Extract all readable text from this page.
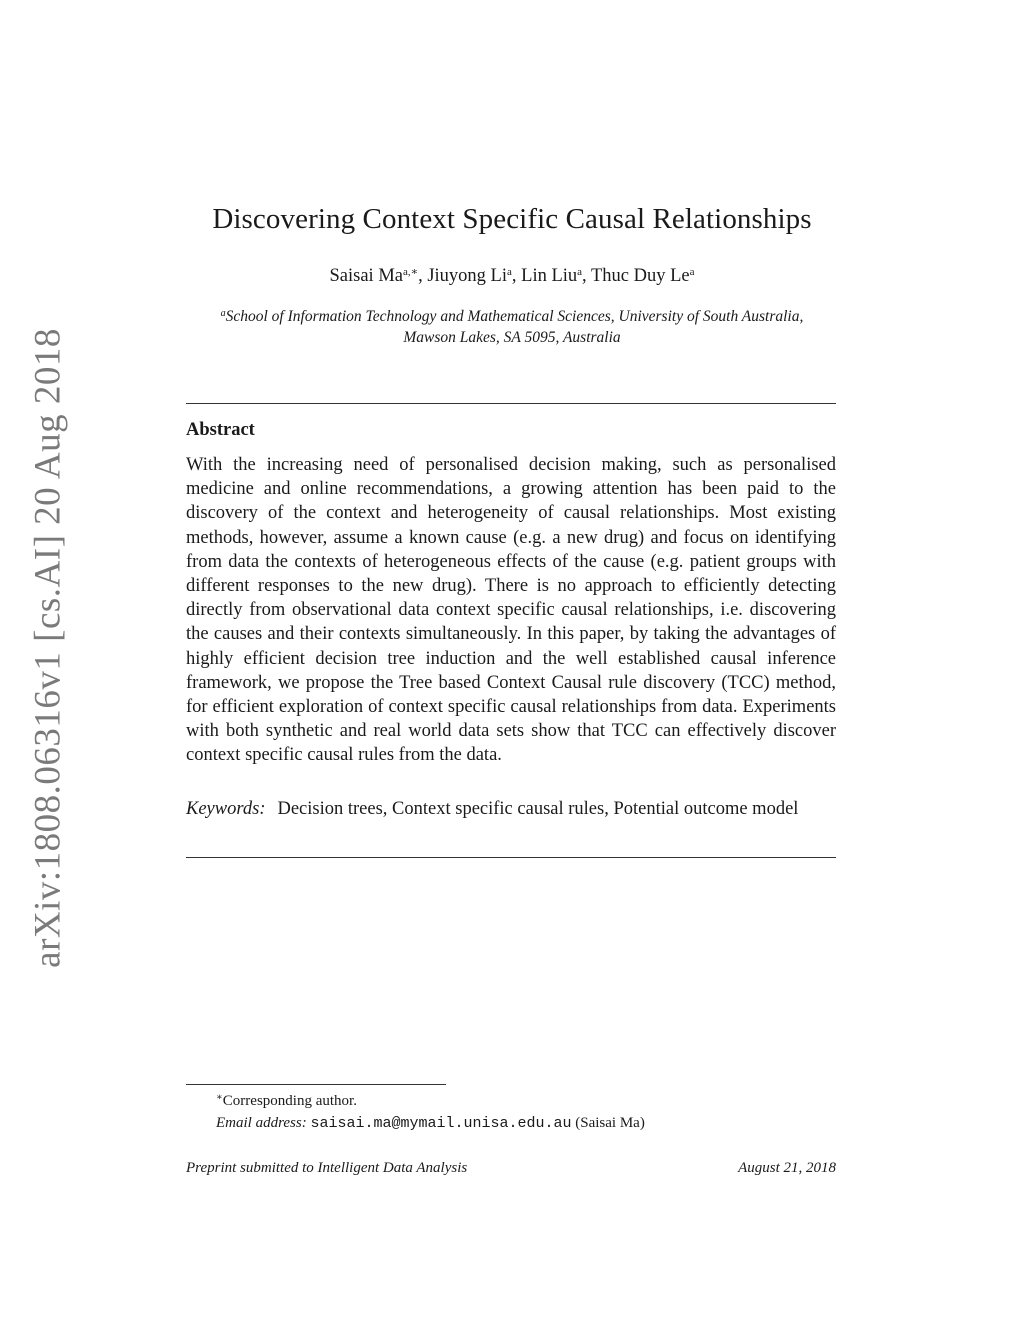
arXiv:1808.06316v1 [cs.AI] 20 Aug 2018
Discovering Context Specific Causal Relationships
Saisai $Ma^{a,∗}$, Jiuyong Li$^a$, Lin Liu$^a$, Thuc Duy Le$^a$
$^a$School of Information Technology and Mathematical Sciences, University of South Australia,
Mawson Lakes, SA 5095, Australia
Abstract
With the increasing need of personalised decision making, such as personalised medicine and online recommendations, a growing attention has been paid to the discovery of the context and heterogeneity of causal relationships. Most existing methods, however, assume a known cause (e.g. a new drug) and focus on identifying from data the contexts of heterogeneous effects of the cause (e.g. patient groups with different responses to the new drug). There is no approach to efficiently detecting directly from observational data context specific causal relationships, i.e. discovering the causes and their contexts simultaneously. In this paper, by taking the advantages of highly efficient decision tree induction and the well established causal inference framework, we propose the Tree based Context Causal rule discovery (TCC) method, for efficient exploration of context specific causal relationships from data. Experiments with both synthetic and real world data sets show that TCC can effectively discover context specific causal rules from the data.
Keywords: Decision trees, Context specific causal rules, Potential outcome model
∗Corresponding author.
Email address: saisai.ma@mymail.unisa.edu.au (Saisai Ma)
Preprint submitted to Intelligent Data Analysis	August 21, 2018
